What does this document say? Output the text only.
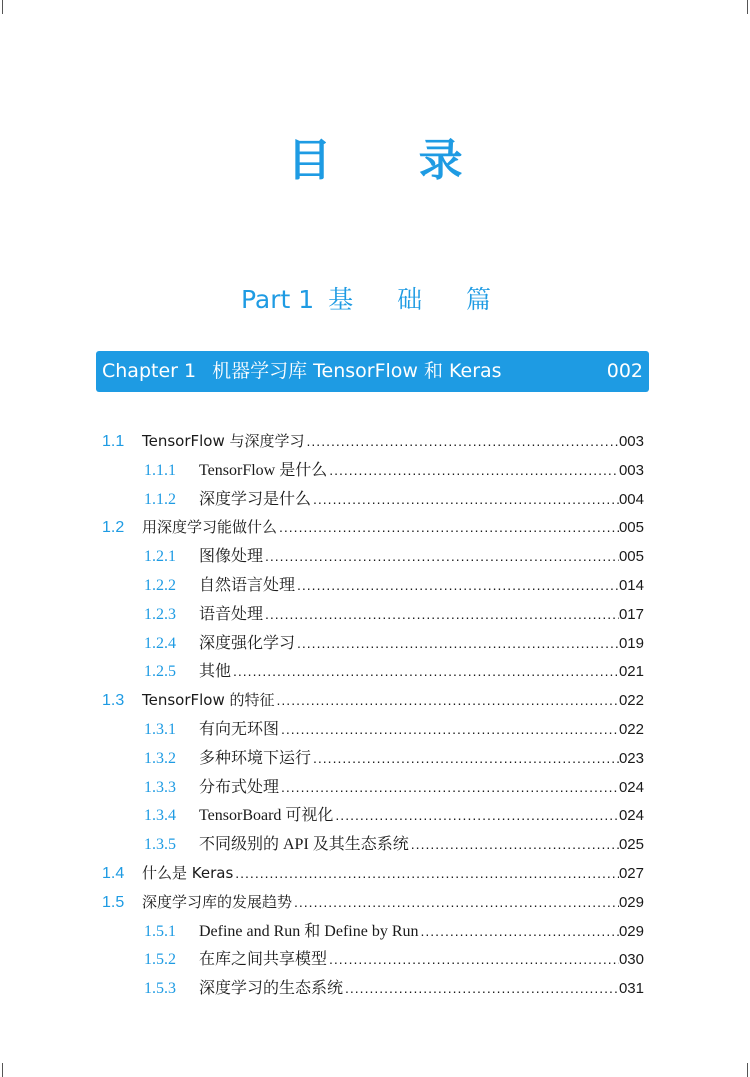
目 录
Part 1 基 础 篇
Chapter 1 机器学习库 TensorFlow 和 Keras	002
1.1	TensorFlow 与深度学习 .....	003
1.1.1	TensorFlow 是什么 .....	003
1.1.2	深度学习是什么 .....	004
1.2	用深度学习能做什么 .....	005
1.2.1	图像处理 .....	005
1.2.2	自然语言处理 .....	014
1.2.3	语音处理 .....	017
1.2.4	深度强化学习 .....	019
1.2.5	其他 .....	021
1.3	TensorFlow 的特征 .....	022
1.3.1	有向无环图 .....	022
1.3.2	多种环境下运行 .....	023
1.3.3	分布式处理 .....	024
1.3.4	TensorBoard 可视化 .....	024
1.3.5	不同级别的 API 及其生态系统 .....	025
1.4	什么是 Keras .....	027
1.5	深度学习库的发展趋势 .....	029
1.5.1	Define and Run 和 Define by Run .....	029
1.5.2	在库之间共享模型 .....	030
1.5.3	深度学习的生态系统 .....	031
